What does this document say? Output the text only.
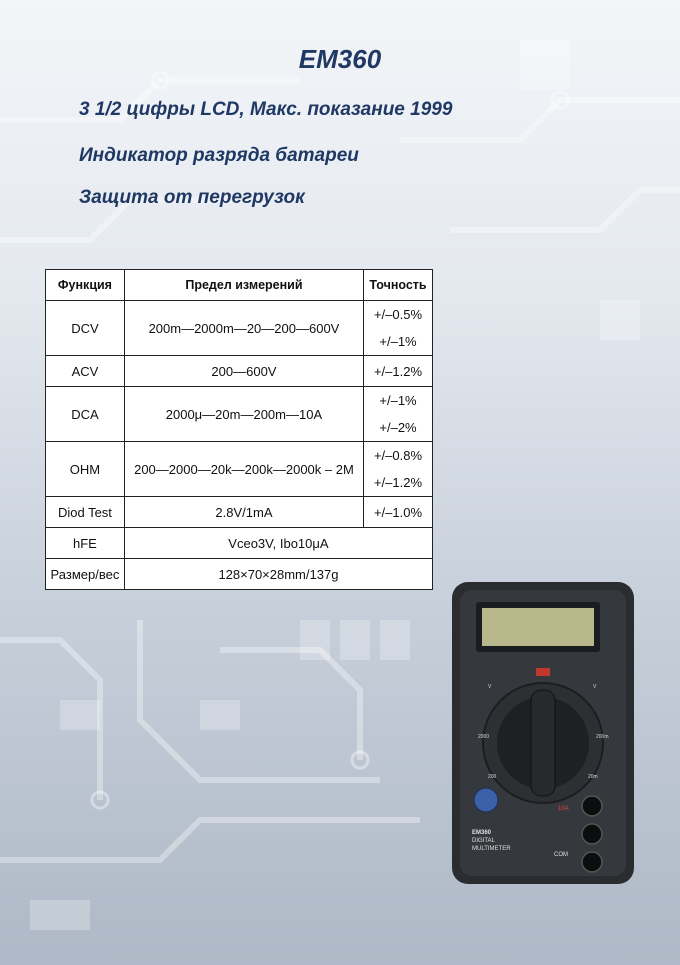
EM360
3 1/2 цифры LCD, Макс. показание 1999
Индикатор разряда батареи
Защита от перегрузок
Функция	Предел измерений	Точность
DCV	200m—2000m—20—200—600V	+/–0.5%
+/–1%

ACV	200—600V	+/–1.2%
DCA	2000μ—20m—200m—10A	+/–1%
+/–2%

OHM	200—2000—20k—200k—2000k – 2M	+/–0.8%
+/–1.2%

Diod Test	2.8V/1mA	+/–1.0%
hFE	Vceo3V, Ibo10μA	
Размер/вес	128×70×28mm/137g	
V	V
2000	200m
200	20m
10A
COM
EM360
DIGITAL
MULTIMETER
